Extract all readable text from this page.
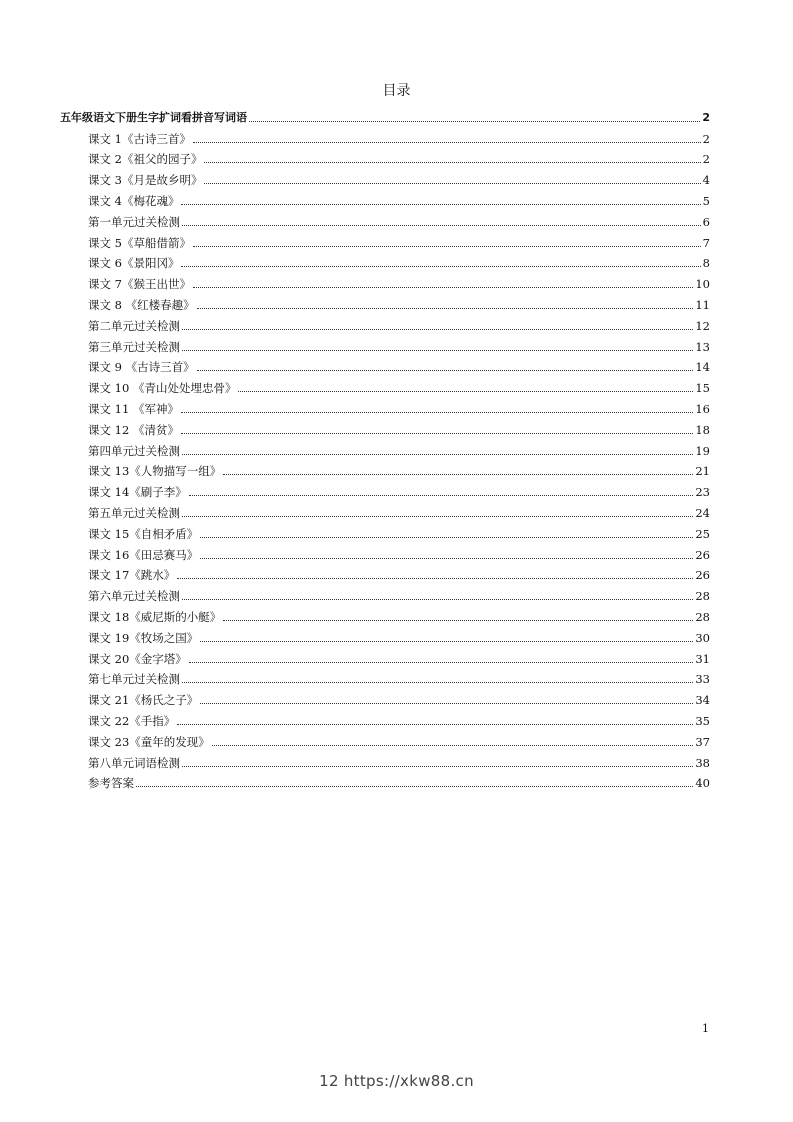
目录
五年级语文下册生字扩词看拼音写词语	2
课文 1《古诗三首》	2
课文 2《祖父的园子》	2
课文 3《月是故乡明》	4
课文 4《梅花魂》	5
第一单元过关检测	6
课文 5《草船借箭》	7
课文 6《景阳冈》	8
课文 7《猴王出世》	10
课文 8 《红楼春趣》	11
第二单元过关检测	12
第三单元过关检测	13
课文 9 《古诗三首》	14
课文 10 《青山处处埋忠骨》	15
课文 11 《军神》	16
课文 12 《清贫》	18
第四单元过关检测	19
课文 13《人物描写一组》	21
课文 14《刷子李》	23
第五单元过关检测	24
课文 15《自相矛盾》	25
课文 16《田忌赛马》	26
课文 17《跳水》	26
第六单元过关检测	28
课文 18《威尼斯的小艇》	28
课文 19《牧场之国》	30
课文 20《金字塔》	31
第七单元过关检测	33
课文 21《杨氏之子》	34
课文 22《手指》	35
课文 23《童年的发现》	37
第八单元词语检测	38
参考答案	40
1
12 https://xkw88.cn
